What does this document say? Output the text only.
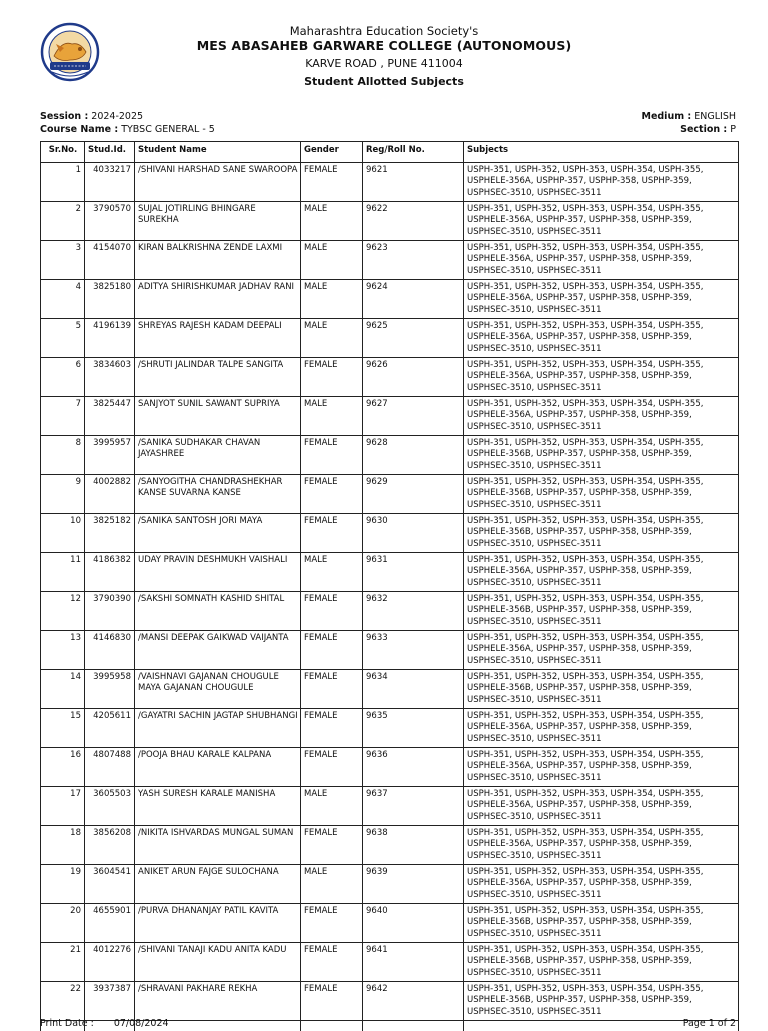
Maharashtra Education Society's
MES ABASAHEB GARWARE COLLEGE (AUTONOMOUS)
KARVE ROAD , PUNE 411004
Student Allotted Subjects
Session : 2024-2025
Course Name : TYBSC GENERAL - 5
Medium : ENGLISH
Section : P
Sr.No.	Stud.Id.	Student Name	Gender	Reg/Roll No.	Subjects
1	4033217	/SHIVANI HARSHAD SANE SWAROOPA	FEMALE	9621	USPH-351, USPH-352, USPH-353, USPH-354, USPH-355, USPHELE-356A, USPHP-357, USPHP-358, USPHP-359, USPHSEC-3510, USPHSEC-3511
2	3790570	SUJAL JOTIRLING BHINGARE SUREKHA	MALE	9622	USPH-351, USPH-352, USPH-353, USPH-354, USPH-355, USPHELE-356A, USPHP-357, USPHP-358, USPHP-359, USPHSEC-3510, USPHSEC-3511
3	4154070	KIRAN BALKRISHNA ZENDE LAXMI	MALE	9623	USPH-351, USPH-352, USPH-353, USPH-354, USPH-355, USPHELE-356A, USPHP-357, USPHP-358, USPHP-359, USPHSEC-3510, USPHSEC-3511
4	3825180	ADITYA SHIRISHKUMAR JADHAV RANI	MALE	9624	USPH-351, USPH-352, USPH-353, USPH-354, USPH-355, USPHELE-356A, USPHP-357, USPHP-358, USPHP-359, USPHSEC-3510, USPHSEC-3511
5	4196139	SHREYAS RAJESH KADAM DEEPALI	MALE	9625	USPH-351, USPH-352, USPH-353, USPH-354, USPH-355, USPHELE-356A, USPHP-357, USPHP-358, USPHP-359, USPHSEC-3510, USPHSEC-3511
6	3834603	/SHRUTI JALINDAR TALPE SANGITA	FEMALE	9626	USPH-351, USPH-352, USPH-353, USPH-354, USPH-355, USPHELE-356A, USPHP-357, USPHP-358, USPHP-359, USPHSEC-3510, USPHSEC-3511
7	3825447	SANJYOT SUNIL SAWANT SUPRIYA	MALE	9627	USPH-351, USPH-352, USPH-353, USPH-354, USPH-355, USPHELE-356A, USPHP-357, USPHP-358, USPHP-359, USPHSEC-3510, USPHSEC-3511
8	3995957	/SANIKA SUDHAKAR CHAVAN JAYASHREE	FEMALE	9628	USPH-351, USPH-352, USPH-353, USPH-354, USPH-355, USPHELE-356B, USPHP-357, USPHP-358, USPHP-359, USPHSEC-3510, USPHSEC-3511
9	4002882	/SANYOGITHA CHANDRASHEKHAR KANSE SUVARNA KANSE	FEMALE	9629	USPH-351, USPH-352, USPH-353, USPH-354, USPH-355, USPHELE-356B, USPHP-357, USPHP-358, USPHP-359, USPHSEC-3510, USPHSEC-3511
10	3825182	/SANIKA SANTOSH JORI MAYA	FEMALE	9630	USPH-351, USPH-352, USPH-353, USPH-354, USPH-355, USPHELE-356B, USPHP-357, USPHP-358, USPHP-359, USPHSEC-3510, USPHSEC-3511
11	4186382	UDAY PRAVIN DESHMUKH VAISHALI	MALE	9631	USPH-351, USPH-352, USPH-353, USPH-354, USPH-355, USPHELE-356A, USPHP-357, USPHP-358, USPHP-359, USPHSEC-3510, USPHSEC-3511
12	3790390	/SAKSHI SOMNATH KASHID SHITAL	FEMALE	9632	USPH-351, USPH-352, USPH-353, USPH-354, USPH-355, USPHELE-356B, USPHP-357, USPHP-358, USPHP-359, USPHSEC-3510, USPHSEC-3511
13	4146830	/MANSI DEEPAK GAIKWAD VAIJANTA	FEMALE	9633	USPH-351, USPH-352, USPH-353, USPH-354, USPH-355, USPHELE-356A, USPHP-357, USPHP-358, USPHP-359, USPHSEC-3510, USPHSEC-3511
14	3995958	/VAISHNAVI GAJANAN CHOUGULE MAYA GAJANAN CHOUGULE	FEMALE	9634	USPH-351, USPH-352, USPH-353, USPH-354, USPH-355, USPHELE-356B, USPHP-357, USPHP-358, USPHP-359, USPHSEC-3510, USPHSEC-3511
15	4205611	/GAYATRI SACHIN JAGTAP SHUBHANGI	FEMALE	9635	USPH-351, USPH-352, USPH-353, USPH-354, USPH-355, USPHELE-356A, USPHP-357, USPHP-358, USPHP-359, USPHSEC-3510, USPHSEC-3511
16	4807488	/POOJA BHAU KARALE KALPANA	FEMALE	9636	USPH-351, USPH-352, USPH-353, USPH-354, USPH-355, USPHELE-356A, USPHP-357, USPHP-358, USPHP-359, USPHSEC-3510, USPHSEC-3511
17	3605503	YASH SURESH KARALE MANISHA	MALE	9637	USPH-351, USPH-352, USPH-353, USPH-354, USPH-355, USPHELE-356A, USPHP-357, USPHP-358, USPHP-359, USPHSEC-3510, USPHSEC-3511
18	3856208	/NIKITA ISHVARDAS MUNGAL SUMAN	FEMALE	9638	USPH-351, USPH-352, USPH-353, USPH-354, USPH-355, USPHELE-356A, USPHP-357, USPHP-358, USPHP-359, USPHSEC-3510, USPHSEC-3511
19	3604541	ANIKET ARUN FAJGE SULOCHANA	MALE	9639	USPH-351, USPH-352, USPH-353, USPH-354, USPH-355, USPHELE-356A, USPHP-357, USPHP-358, USPHP-359, USPHSEC-3510, USPHSEC-3511
20	4655901	/PURVA DHANANJAY PATIL KAVITA	FEMALE	9640	USPH-351, USPH-352, USPH-353, USPH-354, USPH-355, USPHELE-356B, USPHP-357, USPHP-358, USPHP-359, USPHSEC-3510, USPHSEC-3511
21	4012276	/SHIVANI TANAJI KADU ANITA KADU	FEMALE	9641	USPH-351, USPH-352, USPH-353, USPH-354, USPH-355, USPHELE-356B, USPHP-357, USPHP-358, USPHP-359, USPHSEC-3510, USPHSEC-3511
22	3937387	/SHRAVANI PAKHARE REKHA	FEMALE	9642	USPH-351, USPH-352, USPH-353, USPH-354, USPH-355, USPHELE-356B, USPHP-357, USPHP-358, USPHP-359, USPHSEC-3510, USPHSEC-3511

Print Date : 07/08/2024	Page 1 of 2
